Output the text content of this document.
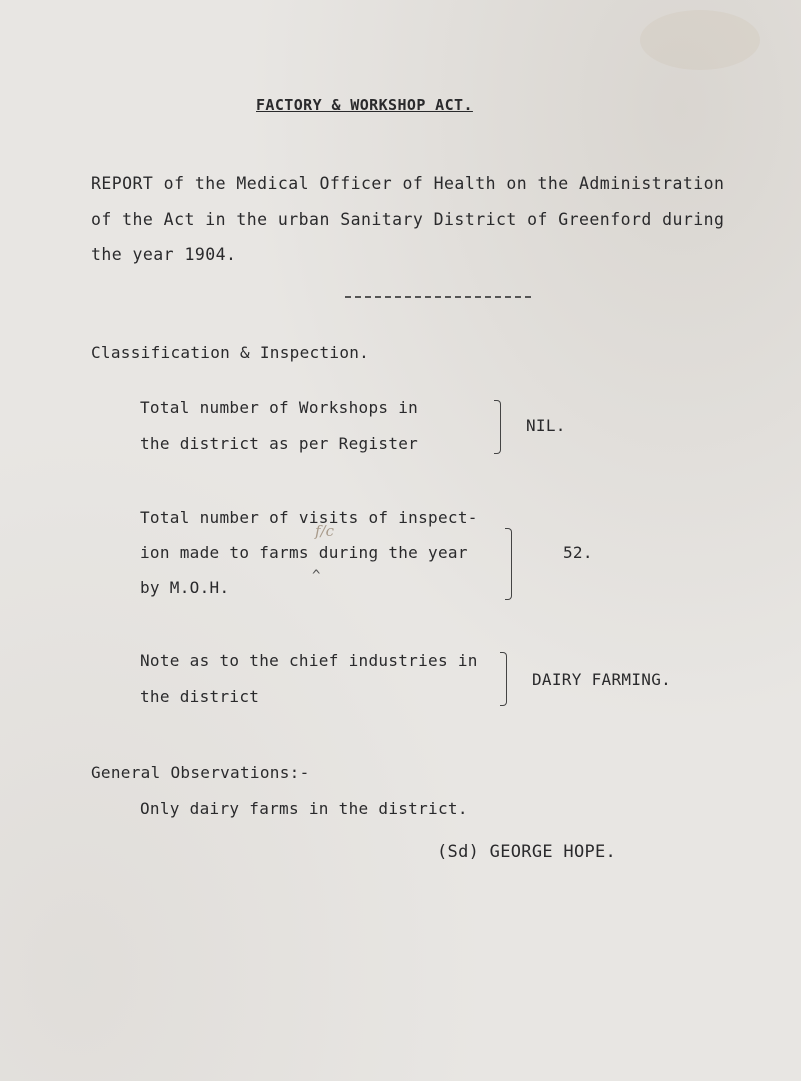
FACTORY & WORKSHOP ACT.
REPORT of the Medical Officer of Health on the Administration
of the Act in the urban Sanitary District of Greenford during
the year 1904.
Classification & Inspection.
Total number of Workshops in
the district as per Register
NIL.
Total number of visits of inspect-
f/c
ion made to farms during the year
^
by M.O.H.
52.
Note as to the chief industries in
the district
DAIRY FARMING.
General Observations:-
Only dairy farms in the district.
(Sd) GEORGE HOPE.
